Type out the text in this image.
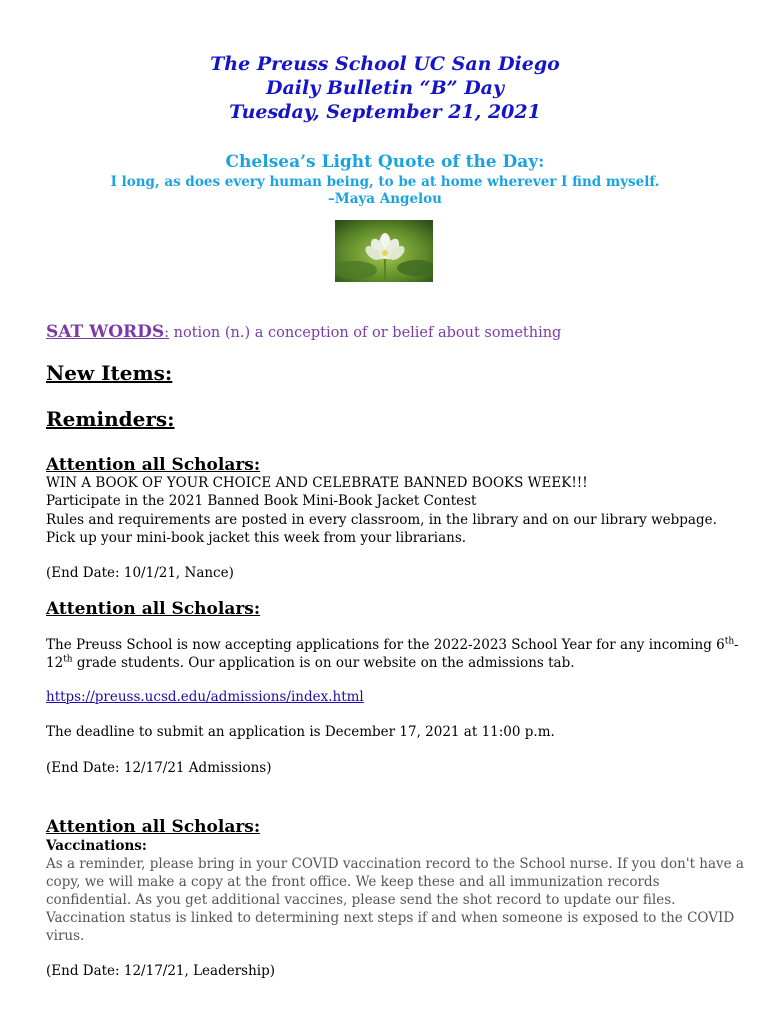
The Preuss School UC San Diego
Daily Bulletin “B” Day
Tuesday, September 21, 2021
Chelsea’s Light Quote of the Day:
I long, as does every human being, to be at home wherever I find myself.
–Maya Angelou
SAT WORDS: notion (n.) a conception of or belief about something
New Items:
Reminders:
Attention all Scholars:
WIN A BOOK OF YOUR CHOICE AND CELEBRATE BANNED BOOKS WEEK!!!
Participate in the 2021 Banned Book Mini-Book Jacket Contest
Rules and requirements are posted in every classroom, in the library and on our library webpage.
Pick up your mini-book jacket this week from your librarians.
(End Date: 10/1/21, Nance)
Attention all Scholars:
The Preuss School is now accepting applications for the 2022-2023 School Year for any incoming 6th-
12th grade students. Our application is on our website on the admissions tab.
https://preuss.ucsd.edu/admissions/index.html
The deadline to submit an application is December 17, 2021 at 11:00 p.m.
(End Date: 12/17/21 Admissions)
Attention all Scholars:
Vaccinations:
As a reminder, please bring in your COVID vaccination record to the School nurse. If you don't have a
copy, we will make a copy at the front office. We keep these and all immunization records
confidential. As you get additional vaccines, please send the shot record to update our files.
Vaccination status is linked to determining next steps if and when someone is exposed to the COVID
virus.
(End Date: 12/17/21, Leadership)
